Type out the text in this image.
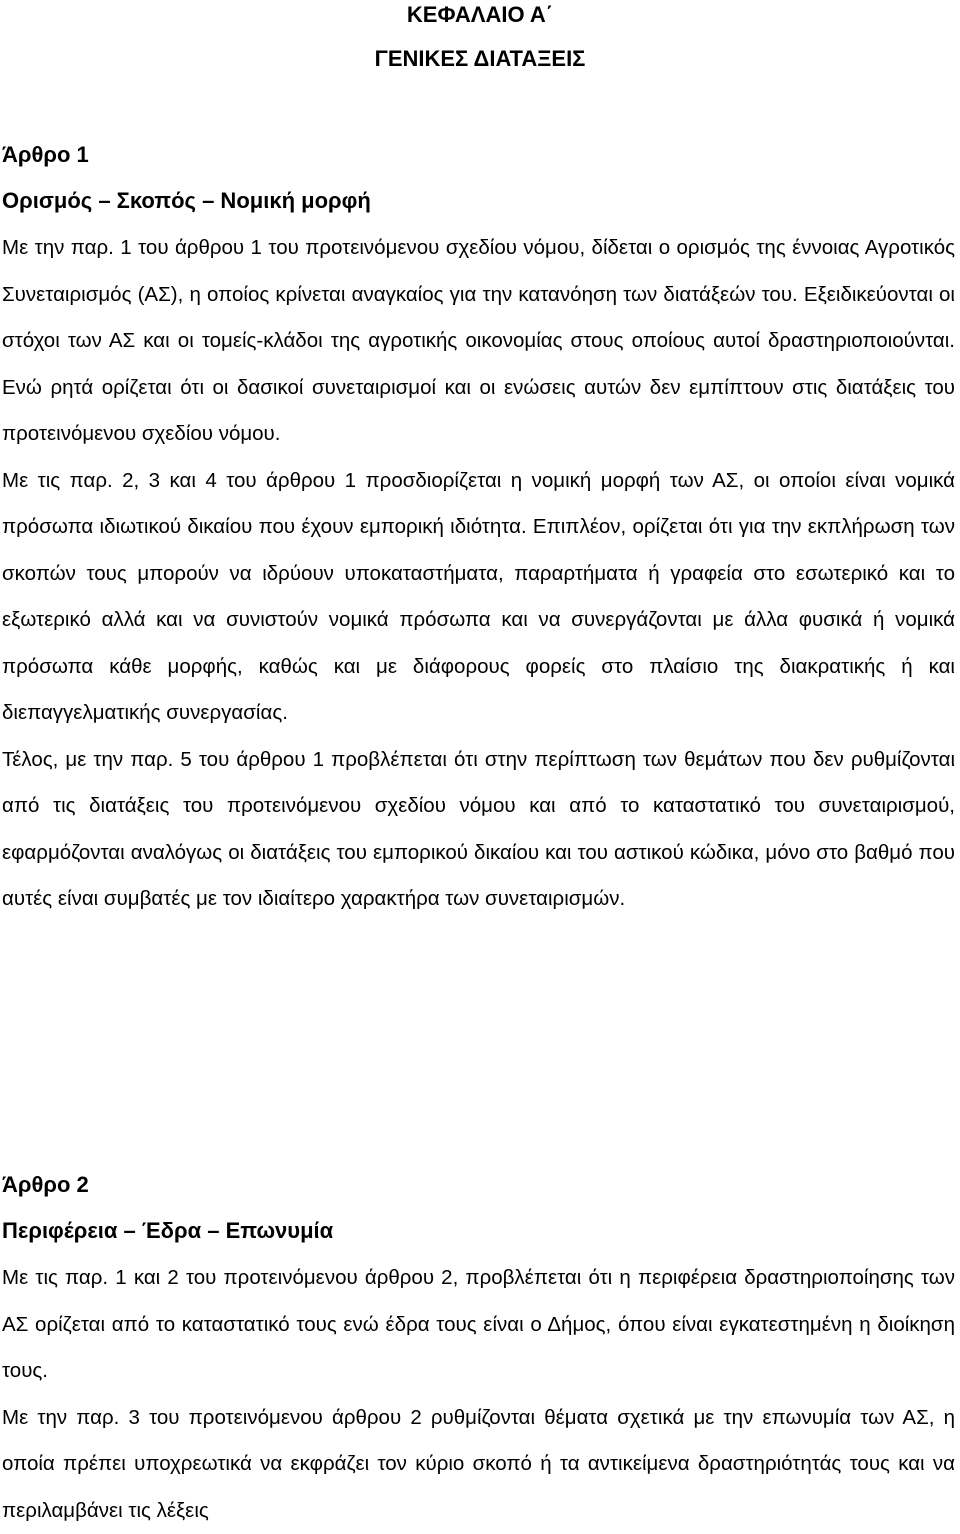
ΚΕΦΑΛΑΙΟ Α΄
ΓΕΝΙΚΕΣ ΔΙΑΤΑΞΕΙΣ
Άρθρο 1
Ορισμός – Σκοπός – Νομική μορφή

Με την παρ. 1 του άρθρου 1 του προτεινόμενου σχεδίου νόμου, δίδεται ο ορισμός της έννοιας Αγροτικός Συνεταιρισμός (ΑΣ), η οποίος κρίνεται αναγκαίος για την κατανόηση των διατάξεών του. Εξειδικεύονται οι στόχοι των ΑΣ και οι τομείς-κλάδοι της αγροτικής οικονομίας στους οποίους αυτοί δραστηριοποιούνται. Ενώ ρητά ορίζεται ότι οι δασικοί συνεταιρισμοί και οι ενώσεις αυτών δεν εμπίπτουν στις διατάξεις του προτεινόμενου σχεδίου νόμου.

Με τις παρ. 2, 3 και 4 του άρθρου 1 προσδιορίζεται η νομική μορφή των ΑΣ, οι οποίοι είναι νομικά πρόσωπα ιδιωτικού δικαίου που έχουν εμπορική ιδιότητα. Επιπλέον, ορίζεται ότι για την εκπλήρωση των σκοπών τους μπορούν να ιδρύουν υποκαταστήματα, παραρτήματα ή γραφεία στο εσωτερικό και το εξωτερικό αλλά και να συνιστούν νομικά πρόσωπα και να συνεργάζονται με άλλα φυσικά ή νομικά πρόσωπα κάθε μορφής, καθώς και με διάφορους φορείς στο πλαίσιο της διακρατικής ή και διεπαγγελματικής συνεργασίας.

Τέλος, με την παρ. 5 του άρθρου 1 προβλέπεται ότι στην περίπτωση των θεμάτων που δεν ρυθμίζονται από τις διατάξεις του προτεινόμενου σχεδίου νόμου και από το καταστατικό του συνεταιρισμού, εφαρμόζονται αναλόγως οι διατάξεις του εμπορικού δικαίου και του αστικού κώδικα, μόνο στο βαθμό που αυτές είναι συμβατές με τον ιδιαίτερο χαρακτήρα των συνεταιρισμών.

Άρθρο 2
Περιφέρεια – Έδρα – Επωνυμία

Με τις παρ. 1 και 2 του προτεινόμενου άρθρου 2, προβλέπεται ότι η περιφέρεια δραστηριοποίησης των ΑΣ ορίζεται από το καταστατικό τους ενώ έδρα τους είναι ο Δήμος, όπου είναι εγκατεστημένη η διοίκηση τους.

Με την παρ. 3 του προτεινόμενου άρθρου 2 ρυθμίζονται θέματα σχετικά με την επωνυμία των ΑΣ, η οποία πρέπει υποχρεωτικά να εκφράζει τον κύριο σκοπό ή τα αντικείμενα δραστηριότητάς τους και να περιλαμβάνει τις λέξεις
